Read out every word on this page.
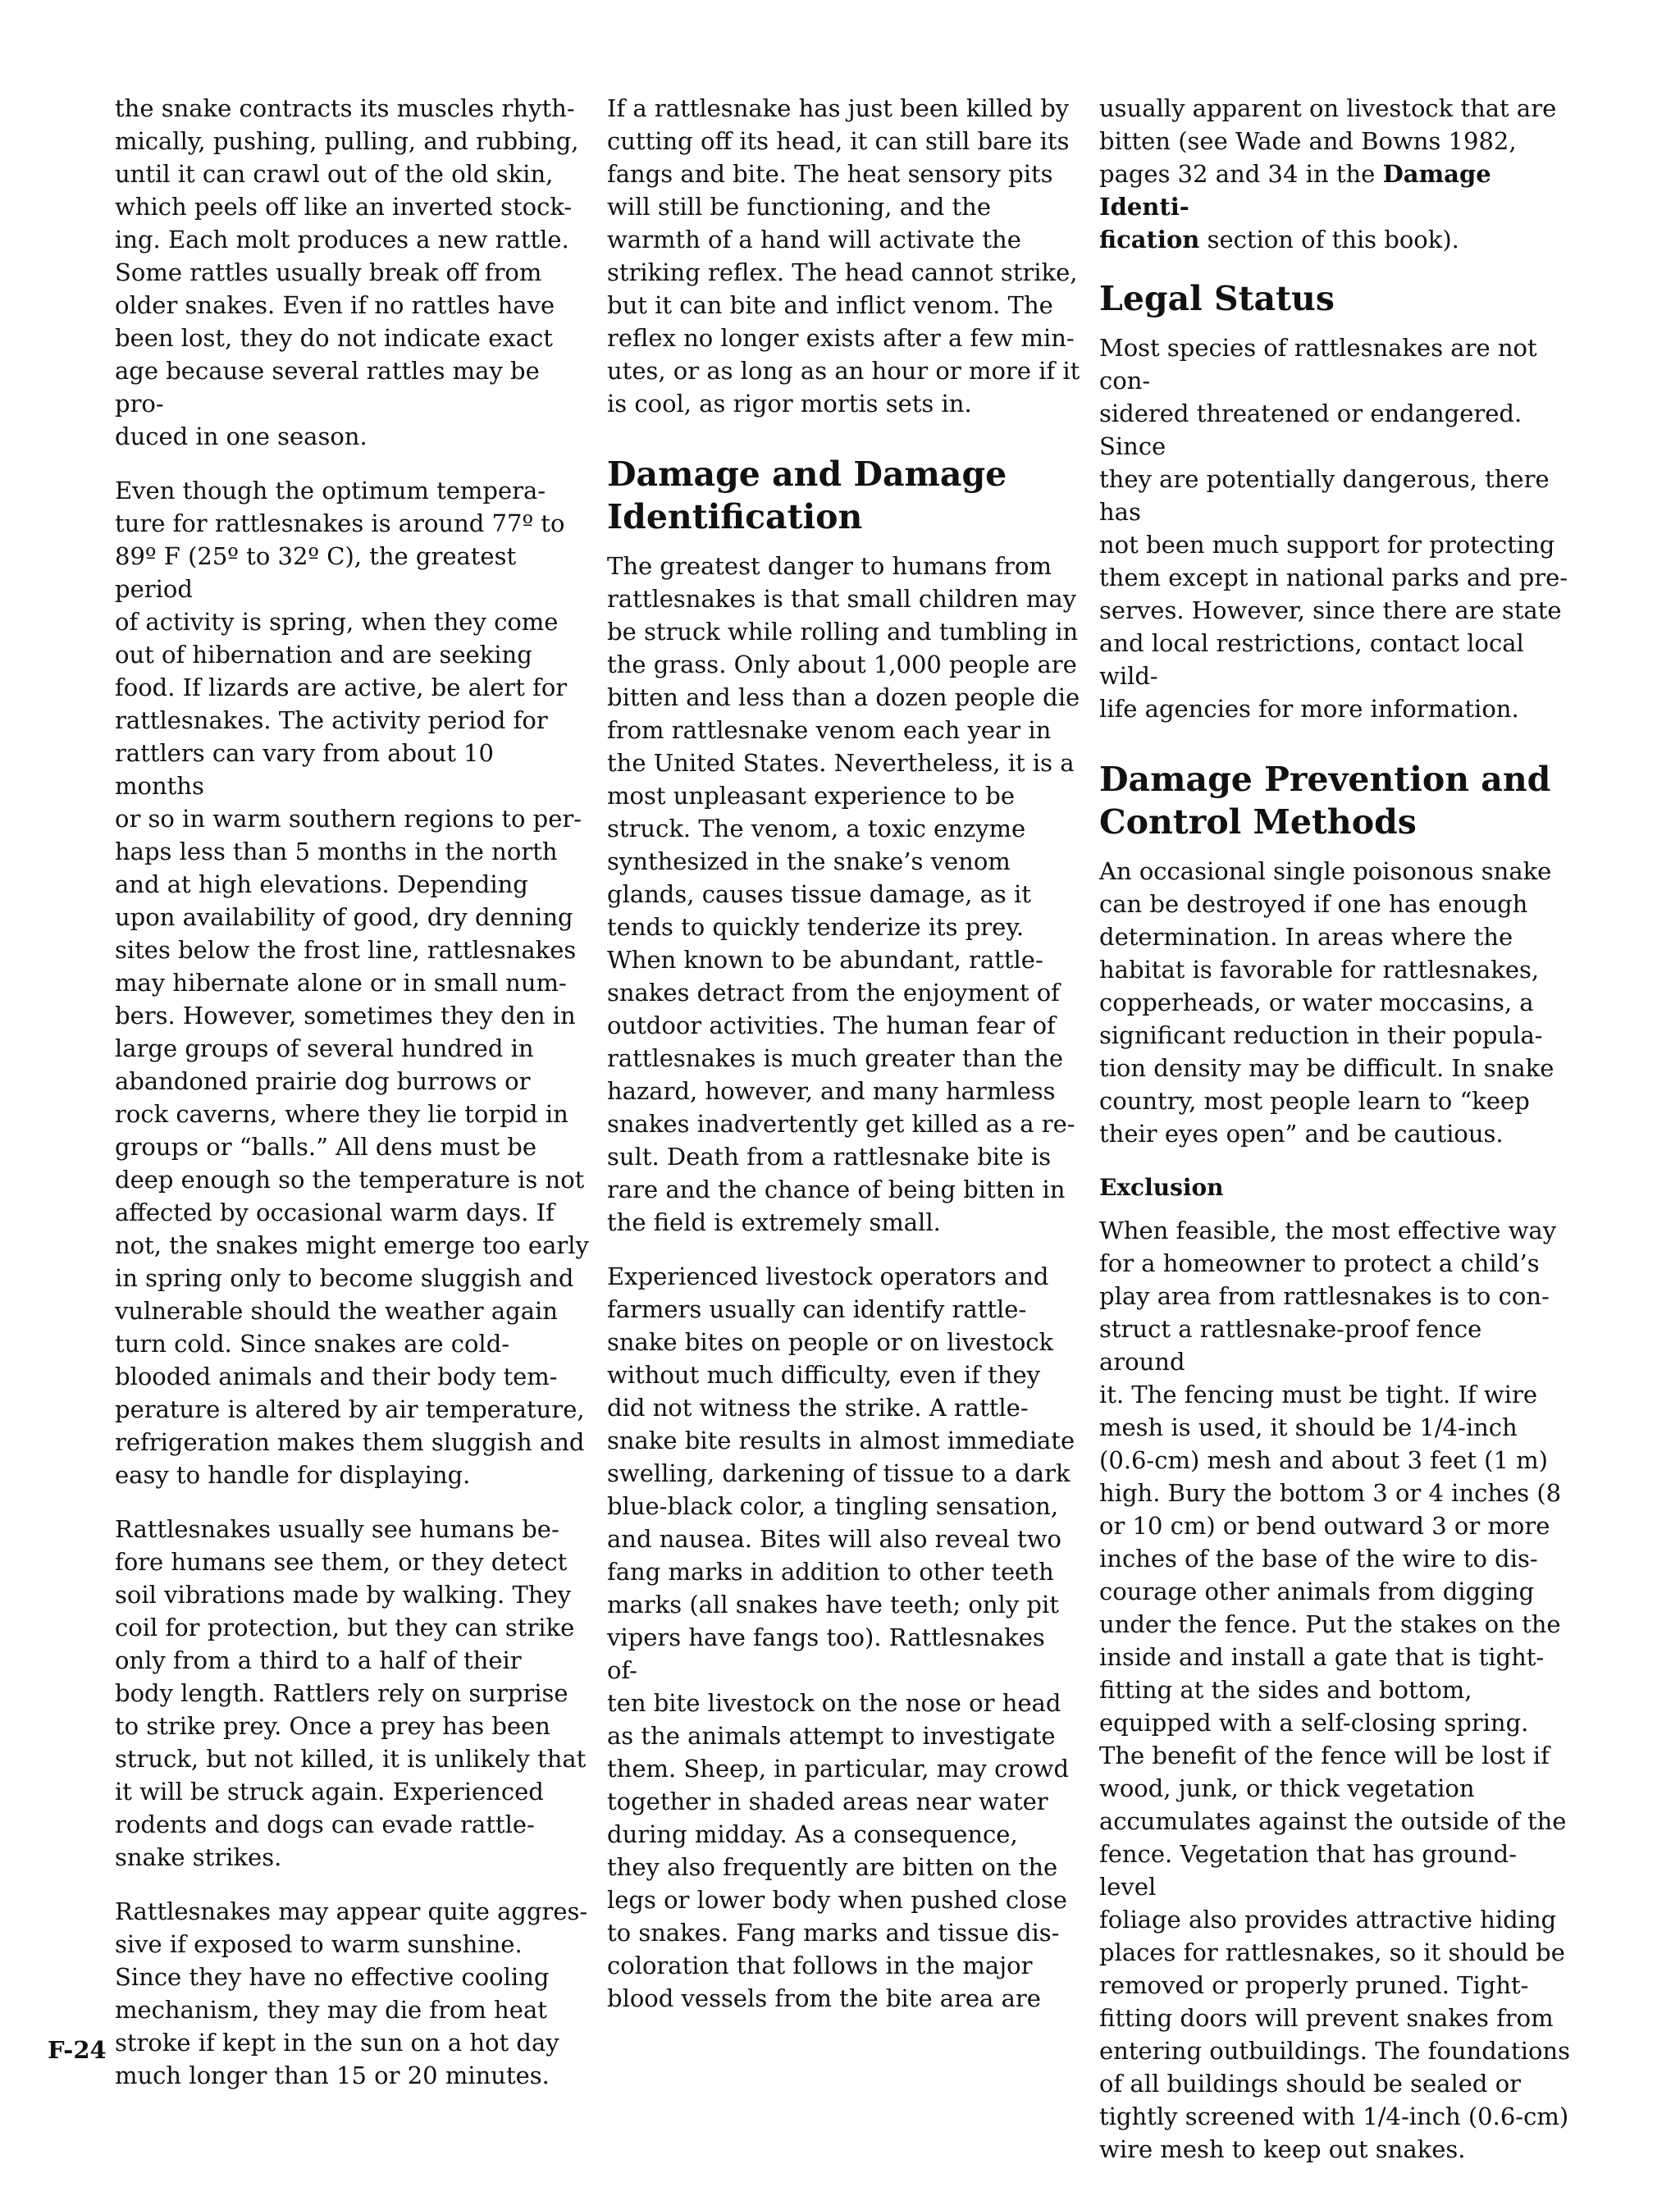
the snake contracts its muscles rhyth-
mically, pushing, pulling, and rubbing,
until it can crawl out of the old skin,
which peels off like an inverted stock-
ing. Each molt produces a new rattle.
Some rattles usually break off from
older snakes. Even if no rattles have
been lost, they do not indicate exact
age because several rattles may be pro-
duced in one season.

Even though the optimum tempera-
ture for rattlesnakes is around 77º to
89º F (25º to 32º C), the greatest period
of activity is spring, when they come
out of hibernation and are seeking
food. If lizards are active, be alert for
rattlesnakes. The activity period for
rattlers can vary from about 10 months
or so in warm southern regions to per-
haps less than 5 months in the north
and at high elevations. Depending
upon availability of good, dry denning
sites below the frost line, rattlesnakes
may hibernate alone or in small num-
bers. However, sometimes they den in
large groups of several hundred in
abandoned prairie dog burrows or
rock caverns, where they lie torpid in
groups or “balls.” All dens must be
deep enough so the temperature is not
affected by occasional warm days. If
not, the snakes might emerge too early
in spring only to become sluggish and
vulnerable should the weather again
turn cold. Since snakes are cold-
blooded animals and their body tem-
perature is altered by air temperature,
refrigeration makes them sluggish and
easy to handle for displaying.

Rattlesnakes usually see humans be-
fore humans see them, or they detect
soil vibrations made by walking. They
coil for protection, but they can strike
only from a third to a half of their
body length. Rattlers rely on surprise
to strike prey. Once a prey has been
struck, but not killed, it is unlikely that
it will be struck again. Experienced
rodents and dogs can evade rattle-
snake strikes.

Rattlesnakes may appear quite aggres-
sive if exposed to warm sunshine.
Since they have no effective cooling
mechanism, they may die from heat
stroke if kept in the sun on a hot day
much longer than 15 or 20 minutes.

If a rattlesnake has just been killed by
cutting off its head, it can still bare its
fangs and bite. The heat sensory pits
will still be functioning, and the
warmth of a hand will activate the
striking reflex. The head cannot strike,
but it can bite and inflict venom. The
reflex no longer exists after a few min-
utes, or as long as an hour or more if it
is cool, as rigor mortis sets in.

Damage and Damage
Identification

The greatest danger to humans from
rattlesnakes is that small children may
be struck while rolling and tumbling in
the grass. Only about 1,000 people are
bitten and less than a dozen people die
from rattlesnake venom each year in
the United States. Nevertheless, it is a
most unpleasant experience to be
struck. The venom, a toxic enzyme
synthesized in the snake’s venom
glands, causes tissue damage, as it
tends to quickly tenderize its prey.
When known to be abundant, rattle-
snakes detract from the enjoyment of
outdoor activities. The human fear of
rattlesnakes is much greater than the
hazard, however, and many harmless
snakes inadvertently get killed as a re-
sult. Death from a rattlesnake bite is
rare and the chance of being bitten in
the field is extremely small.

Experienced livestock operators and
farmers usually can identify rattle-
snake bites on people or on livestock
without much difficulty, even if they
did not witness the strike. A rattle-
snake bite results in almost immediate
swelling, darkening of tissue to a dark
blue-black color, a tingling sensation,
and nausea. Bites will also reveal two
fang marks in addition to other teeth
marks (all snakes have teeth; only pit
vipers have fangs too). Rattlesnakes of-
ten bite livestock on the nose or head
as the animals attempt to investigate
them. Sheep, in particular, may crowd
together in shaded areas near water
during midday. As a consequence,
they also frequently are bitten on the
legs or lower body when pushed close
to snakes. Fang marks and tissue dis-
coloration that follows in the major
blood vessels from the bite area are

usually apparent on livestock that are
bitten (see Wade and Bowns 1982,
pages 32 and 34 in the Damage Identi-
fication section of this book).

Legal Status

Most species of rattlesnakes are not con-
sidered threatened or endangered. Since
they are potentially dangerous, there has
not been much support for protecting
them except in national parks and pre-
serves. However, since there are state
and local restrictions, contact local wild-
life agencies for more information.

Damage Prevention and
Control Methods

An occasional single poisonous snake
can be destroyed if one has enough
determination. In areas where the
habitat is favorable for rattlesnakes,
copperheads, or water moccasins, a
significant reduction in their popula-
tion density may be difficult. In snake
country, most people learn to “keep
their eyes open” and be cautious.

Exclusion

When feasible, the most effective way
for a homeowner to protect a child’s
play area from rattlesnakes is to con-
struct a rattlesnake-proof fence around
it. The fencing must be tight. If wire
mesh is used, it should be 1/4-inch
(0.6-cm) mesh and about 3 feet (1 m)
high. Bury the bottom 3 or 4 inches (8
or 10 cm) or bend outward 3 or more
inches of the base of the wire to dis-
courage other animals from digging
under the fence. Put the stakes on the
inside and install a gate that is tight-
fitting at the sides and bottom,
equipped with a self-closing spring.
The benefit of the fence will be lost if
wood, junk, or thick vegetation
accumulates against the outside of the
fence. Vegetation that has ground-level
foliage also provides attractive hiding
places for rattlesnakes, so it should be
removed or properly pruned. Tight-
fitting doors will prevent snakes from
entering outbuildings. The foundations
of all buildings should be sealed or
tightly screened with 1/4-inch (0.6-cm)
wire mesh to keep out snakes.

F-24
